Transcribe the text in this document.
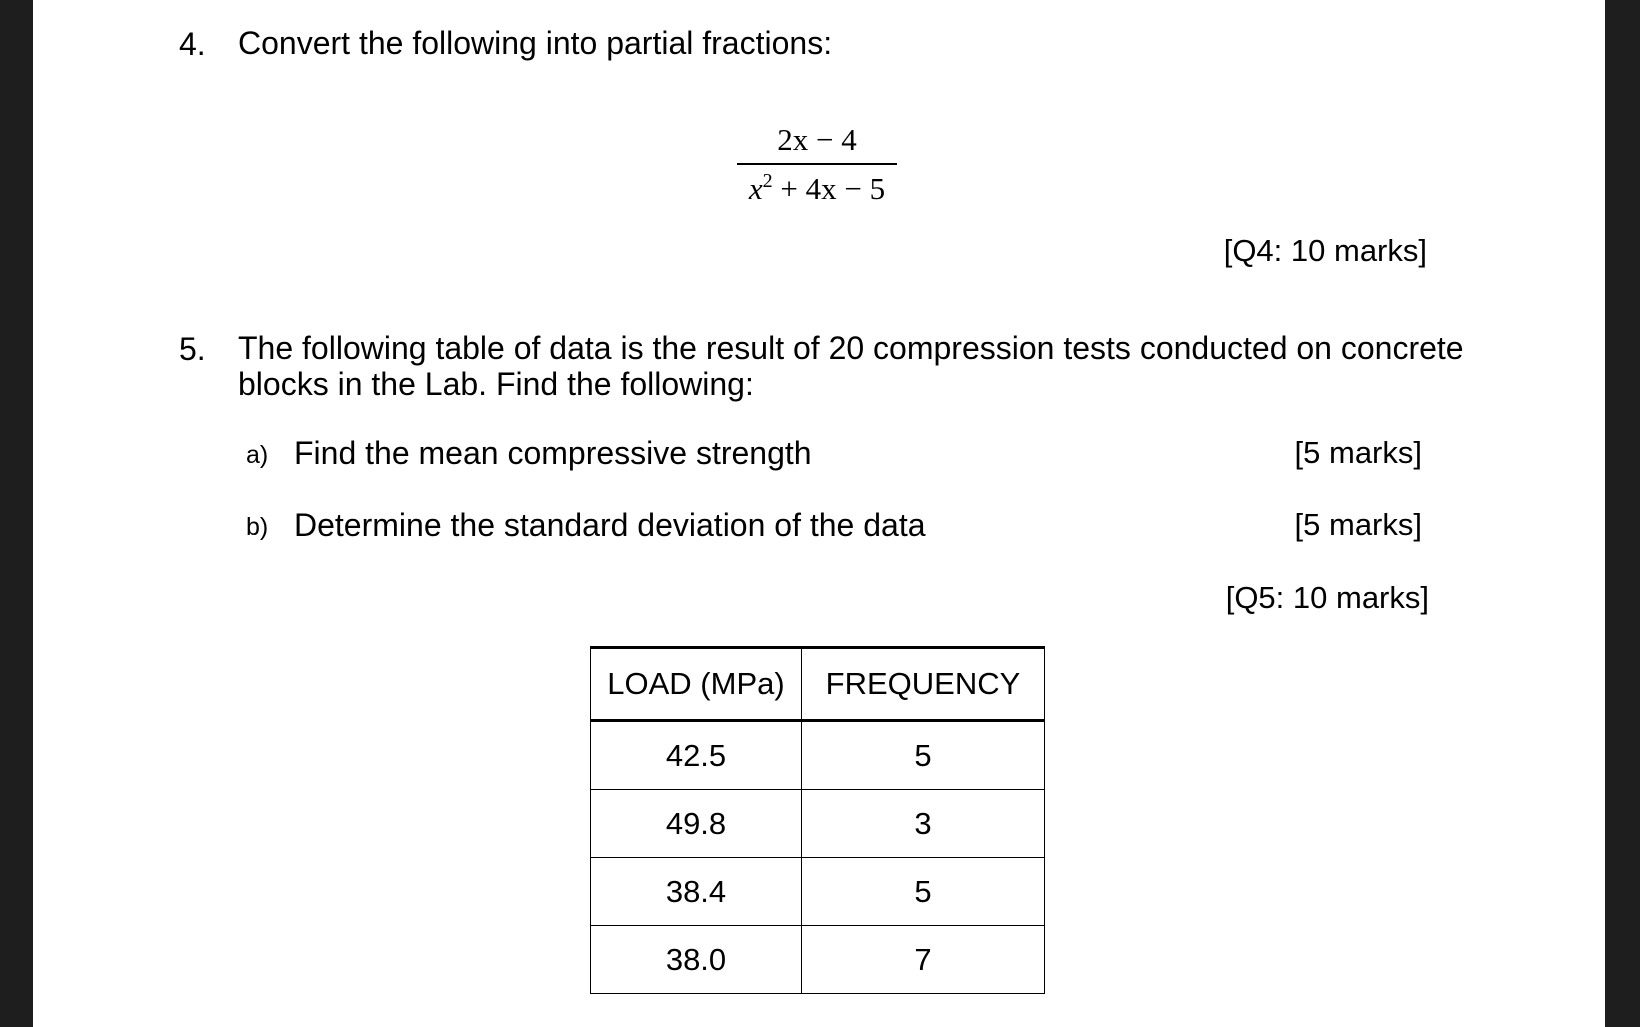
4. Convert the following into partial fractions:
2x − 4
$x^2 + 4x - 5$
[Q4: 10 marks]
5. The following table of data is the result of 20 compression tests conducted on concrete
blocks in the Lab. Find the following:
a) Find the mean compressive strength	[5 marks]
b) Determine the standard deviation of the data	[5 marks]
[Q5: 10 marks]
LOAD (MPa)	FREQUENCY
42.5	5
49.8	3
38.4	5
38.0	7
